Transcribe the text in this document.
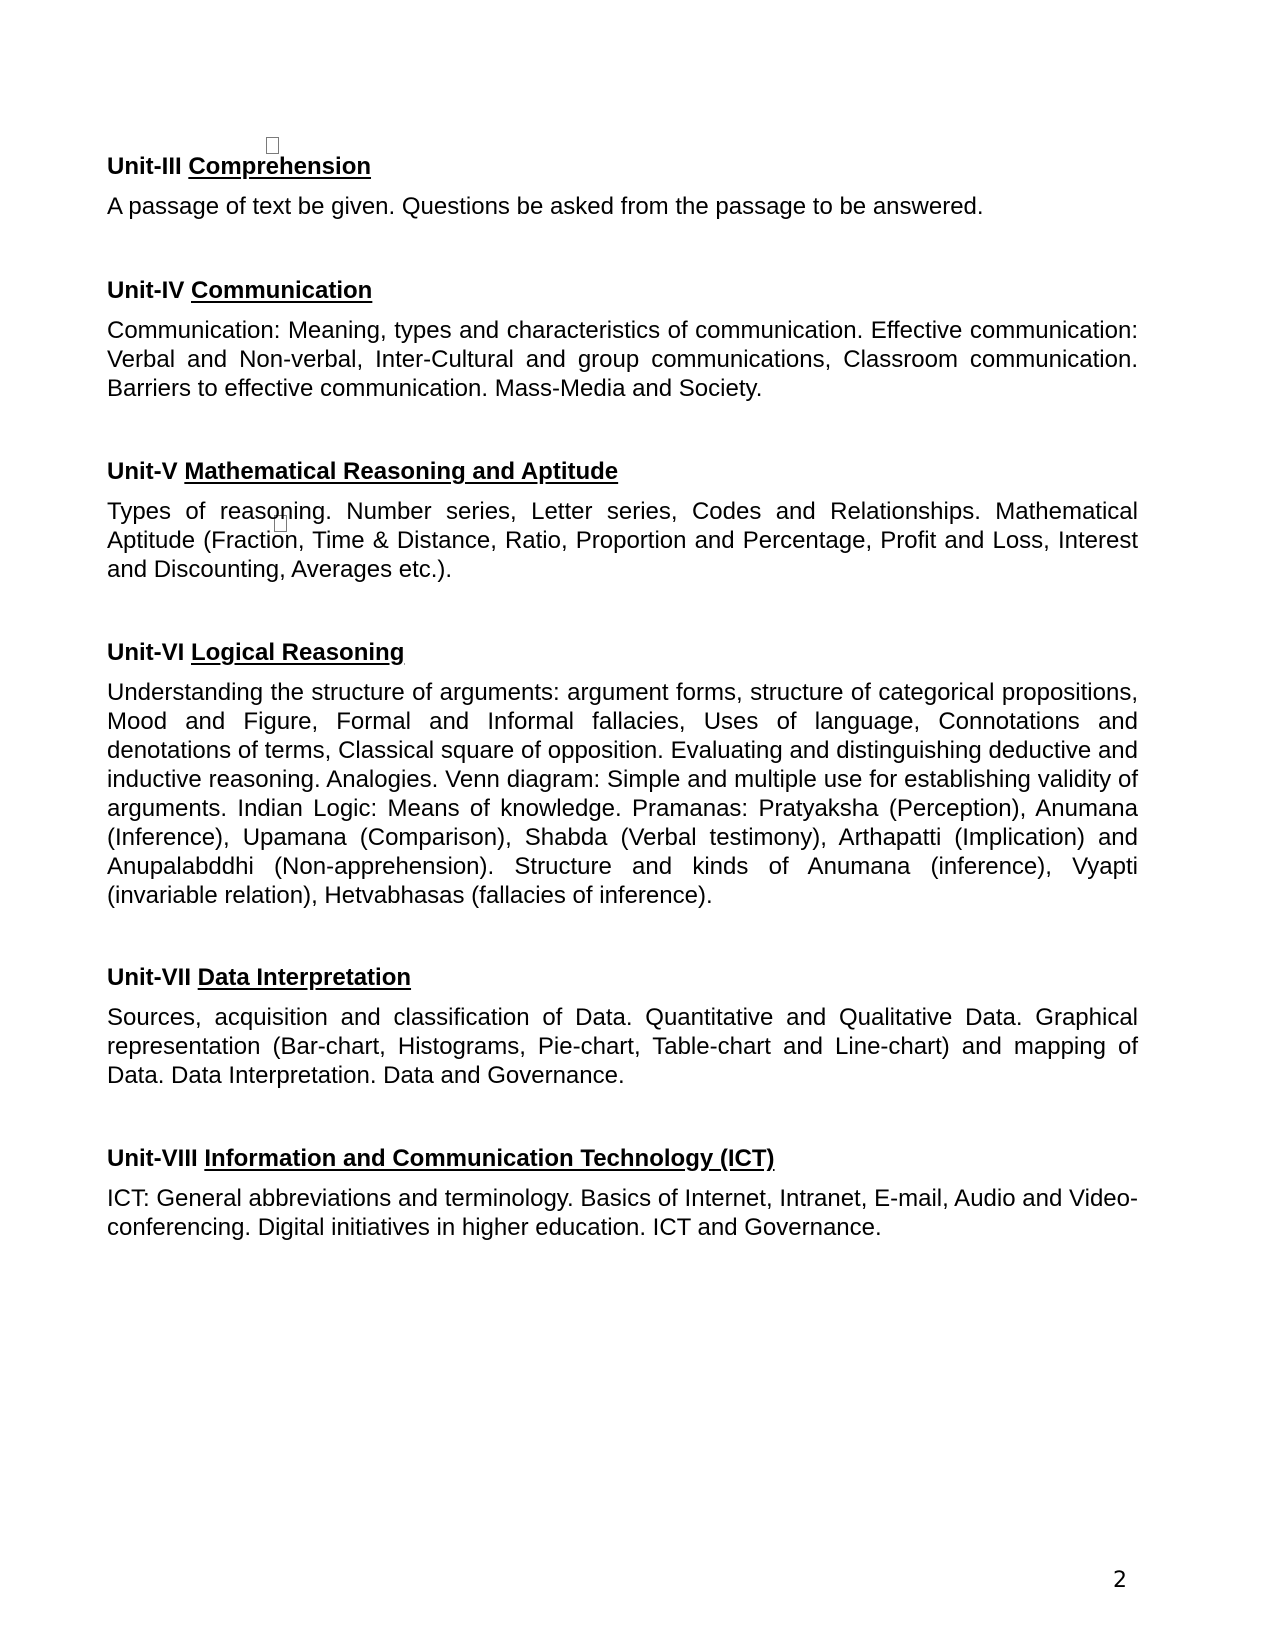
Unit-III Comprehension

A passage of text be given. Questions be asked from the passage to be answered.

Unit-IV Communication

Communication: Meaning, types and characteristics of communication. Effective communication: Verbal and Non-verbal, Inter-Cultural and group communications, Classroom communication. Barriers to effective communication. Mass-Media and Society.

Unit-V Mathematical Reasoning and Aptitude

Types of reasoning. Number series, Letter series, Codes and Relationships. Mathematical Aptitude (Fraction, Time & Distance, Ratio, Proportion and Percentage, Profit and Loss, Interest and Discounting, Averages etc.).

Unit-VI Logical Reasoning

Understanding the structure of arguments: argument forms, structure of categorical propositions, Mood and Figure, Formal and Informal fallacies, Uses of language, Connotations and denotations of terms, Classical square of opposition. Evaluating and distinguishing deductive and inductive reasoning. Analogies. Venn diagram: Simple and multiple use for establishing validity of arguments. Indian Logic: Means of knowledge. Pramanas: Pratyaksha (Perception), Anumana (Inference), Upamana (Comparison), Shabda (Verbal testimony), Arthapatti (Implication) and Anupalabddhi (Non-apprehension). Structure and kinds of Anumana (inference), Vyapti (invariable relation), Hetvabhasas (fallacies of inference).

Unit-VII Data Interpretation

Sources, acquisition and classification of Data. Quantitative and Qualitative Data. Graphical representation (Bar-chart, Histograms, Pie-chart, Table-chart and Line-chart) and mapping of Data. Data Interpretation. Data and Governance.

Unit-VIII Information and Communication Technology (ICT)

ICT: General abbreviations and terminology. Basics of Internet, Intranet, E-mail, Audio and Video-conferencing. Digital initiatives in higher education. ICT and Governance.

2
